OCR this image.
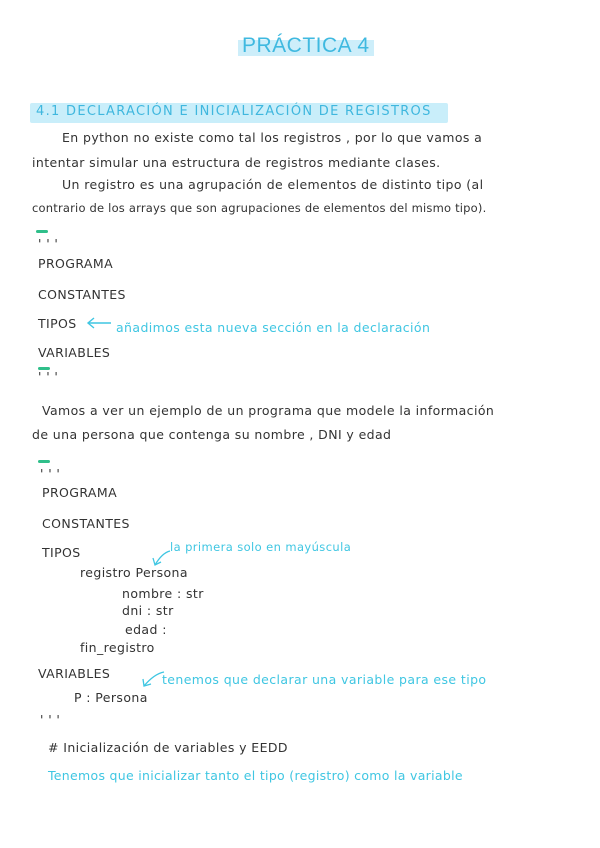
PRÁCTICA 4
4.1 DECLARACIÓN E INICIALIZACIÓN DE REGISTROS
En python no existe como tal los registros , por lo que vamos a
intentar simular una estructura de registros mediante clases.
Un registro es una agrupación de elementos de distinto tipo (al
contrario de los arrays que son agrupaciones de elementos del mismo tipo).
' ' '
PROGRAMA
CONSTANTES
TIPOS	añadimos esta nueva sección en la declaración
VARIABLES
' ' '
Vamos a ver un ejemplo de un programa que modele la información
de una persona que contenga su nombre , DNI y edad
' ' '
PROGRAMA
CONSTANTES
TIPOS	la primera solo en mayúscula
registro Persona
nombre : str
dni : str
edad :
fin_registro
VARIABLES	tenemos que declarar una variable para ese tipo
P : Persona
' ' '
# Inicialización de variables y EEDD
Tenemos que inicializar tanto el tipo (registro) como la variable
